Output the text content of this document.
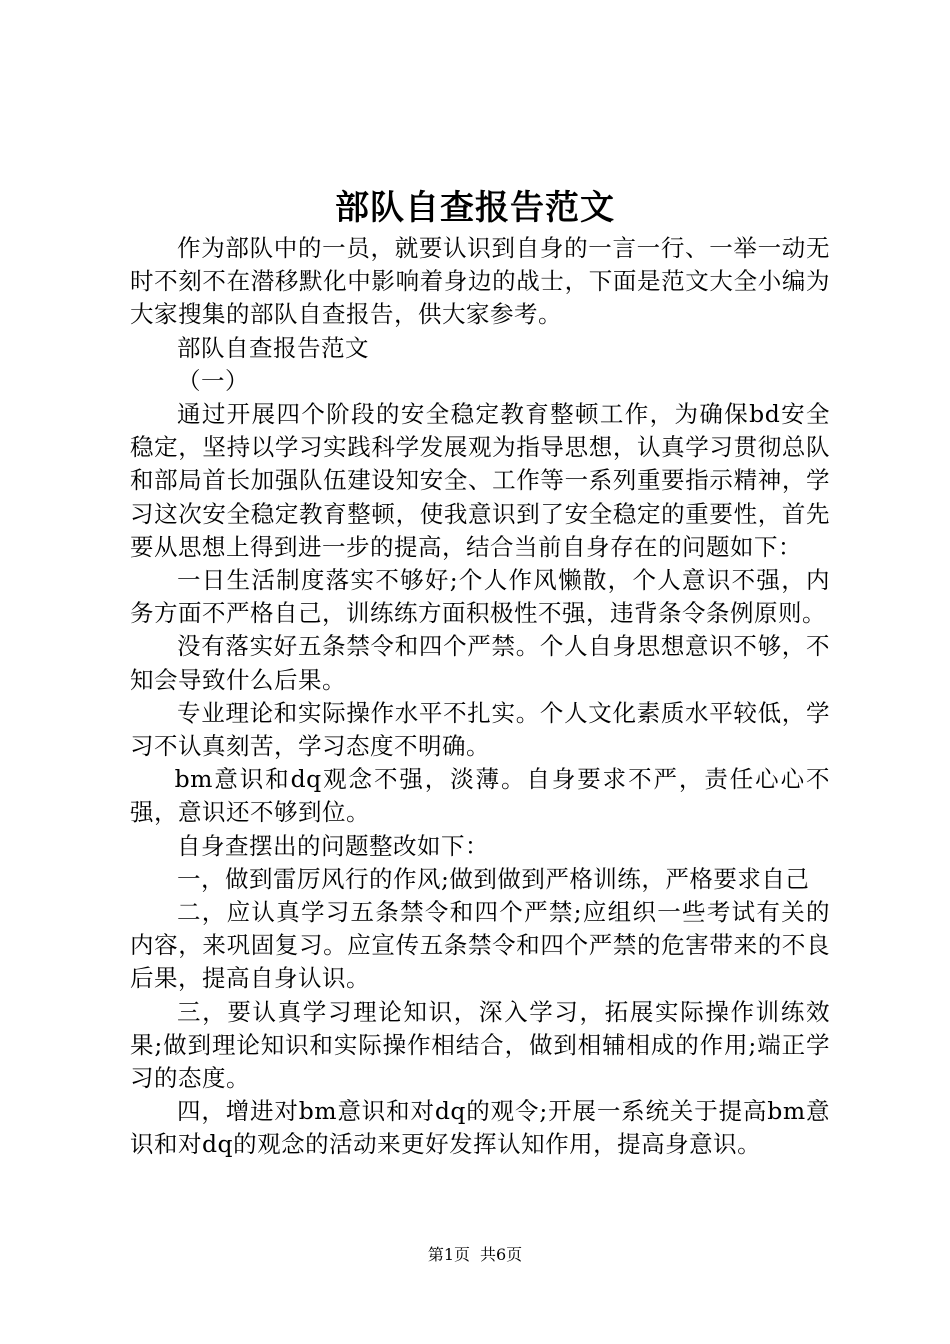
部队自查报告范文

作为部队中的一员，就要认识到自身的一言一行、一举一动无时不刻不在潜移默化中影响着身边的战士，下面是范文大全小编为大家搜集的部队自查报告，供大家参考。

部队自查报告范文

（一）

通过开展四个阶段的安全稳定教育整顿工作，为确保bd安全稳定，坚持以学习实践科学发展观为指导思想，认真学习贯彻总队和部局首长加强队伍建设知安全、工作等一系列重要指示精神，学习这次安全稳定教育整顿，使我意识到了安全稳定的重要性，首先要从思想上得到进一步的提高，结合当前自身存在的问题如下：

一日生活制度落实不够好;个人作风懒散，个人意识不强，内务方面不严格自己，训练练方面积极性不强，违背条令条例原则。

没有落实好五条禁令和四个严禁。个人自身思想意识不够，不知会导致什么后果。

专业理论和实际操作水平不扎实。个人文化素质水平较低，学习不认真刻苦，学习态度不明确。

bm意识和dq观念不强，淡薄。自身要求不严，责任心心不强，意识还不够到位。

自身查摆出的问题整改如下：

一，做到雷厉风行的作风;做到做到严格训练，严格要求自己

二，应认真学习五条禁令和四个严禁;应组织一些考试有关的内容，来巩固复习。应宣传五条禁令和四个严禁的危害带来的不良后果，提高自身认识。

三，要认真学习理论知识，深入学习，拓展实际操作训练效果;做到理论知识和实际操作相结合，做到相辅相成的作用;端正学习的态度。

四，增进对bm意识和对dq的观令;开展一系统关于提高bm意识和对dq的观念的活动来更好发挥认知作用，提高身意识。

第1页 共6页
